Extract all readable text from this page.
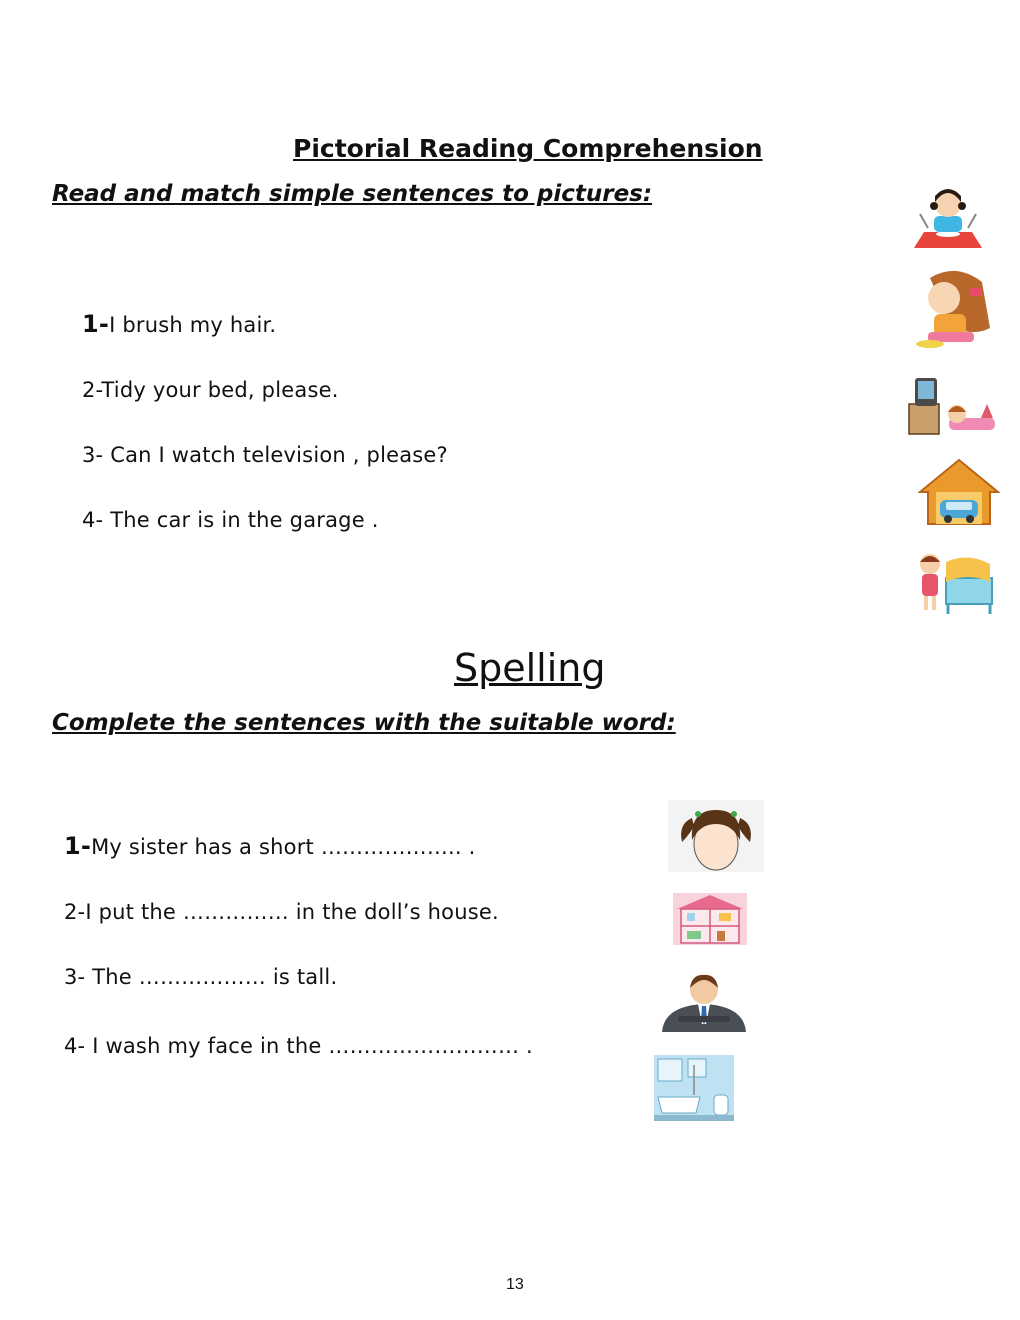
Pictorial Reading Comprehension
Read and match simple sentences to pictures:
1-I brush my hair.
2-Tidy your bed, please.
3- Can I watch television , please?
4- The car is in the garage .
Spelling
Complete the sentences with the suitable word:
1-My sister has a short ……………….. .
2-I put the …………… in the doll’s house.
3- The ……………… is tall.
4- I wash my face in the ……………………… .
13
